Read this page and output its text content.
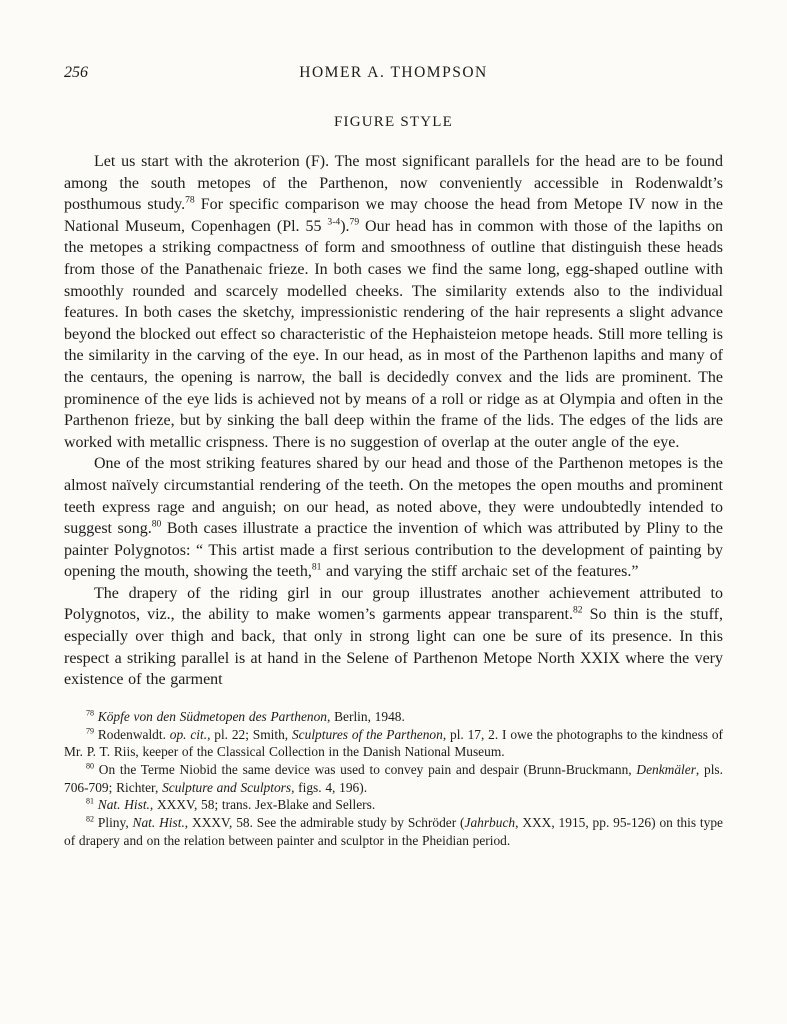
256	HOMER A. THOMPSON
FIGURE STYLE

Let us start with the akroterion (F). The most significant parallels for the head are to be found among the south metopes of the Parthenon, now conveniently accessible in Rodenwaldt’s posthumous study.$^{78}$ For specific comparison we may choose the head from Metope IV now in the National Museum, Copenhagen (Pl. 55 $^{3-4}$).$^{79}$ Our head has in common with those of the lapiths on the metopes a striking compactness of form and smoothness of outline that distinguish these heads from those of the Panathenaic frieze. In both cases we find the same long, egg-shaped outline with smoothly rounded and scarcely modelled cheeks. The similarity extends also to the individual features. In both cases the sketchy, impressionistic rendering of the hair represents a slight advance beyond the blocked out effect so characteristic of the Hephaisteion metope heads. Still more telling is the similarity in the carving of the eye. In our head, as in most of the Parthenon lapiths and many of the centaurs, the opening is narrow, the ball is decidedly convex and the lids are prominent. The prominence of the eye lids is achieved not by means of a roll or ridge as at Olympia and often in the Parthenon frieze, but by sinking the ball deep within the frame of the lids. The edges of the lids are worked with metallic crispness. There is no suggestion of overlap at the outer angle of the eye.

One of the most striking features shared by our head and those of the Parthenon metopes is the almost naïvely circumstantial rendering of the teeth. On the metopes the open mouths and prominent teeth express rage and anguish; on our head, as noted above, they were undoubtedly intended to suggest song.$^{80}$ Both cases illustrate a practice the invention of which was attributed by Pliny to the painter Polygnotos: “ This artist made a first serious contribution to the development of painting by opening the mouth, showing the teeth,$^{81}$ and varying the stiff archaic set of the features.”

The drapery of the riding girl in our group illustrates another achievement attributed to Polygnotos, viz., the ability to make women’s garments appear transparent.$^{82}$ So thin is the stuff, especially over thigh and back, that only in strong light can one be sure of its presence. In this respect a striking parallel is at hand in the Selene of Parthenon Metope North XXIX where the very existence of the garment

$^{78}$ Köpfe von den Südmetopen des Parthenon, Berlin, 1948.

$^{79}$ Rodenwaldt. op. cit., pl. 22; Smith, Sculptures of the Parthenon, pl. 17, 2. I owe the photographs to the kindness of Mr. P. T. Riis, keeper of the Classical Collection in the Danish National Museum.

$^{80}$ On the Terme Niobid the same device was used to convey pain and despair (Brunn-Bruckmann, Denkmäler, pls. 706-709; Richter, Sculpture and Sculptors, figs. 4, 196).

$^{81}$ Nat. Hist., XXXV, 58; trans. Jex-Blake and Sellers.

$^{82}$ Pliny, Nat. Hist., XXXV, 58. See the admirable study by Schröder (Jahrbuch, XXX, 1915, pp. 95-126) on this type of drapery and on the relation between painter and sculptor in the Pheidian period.
